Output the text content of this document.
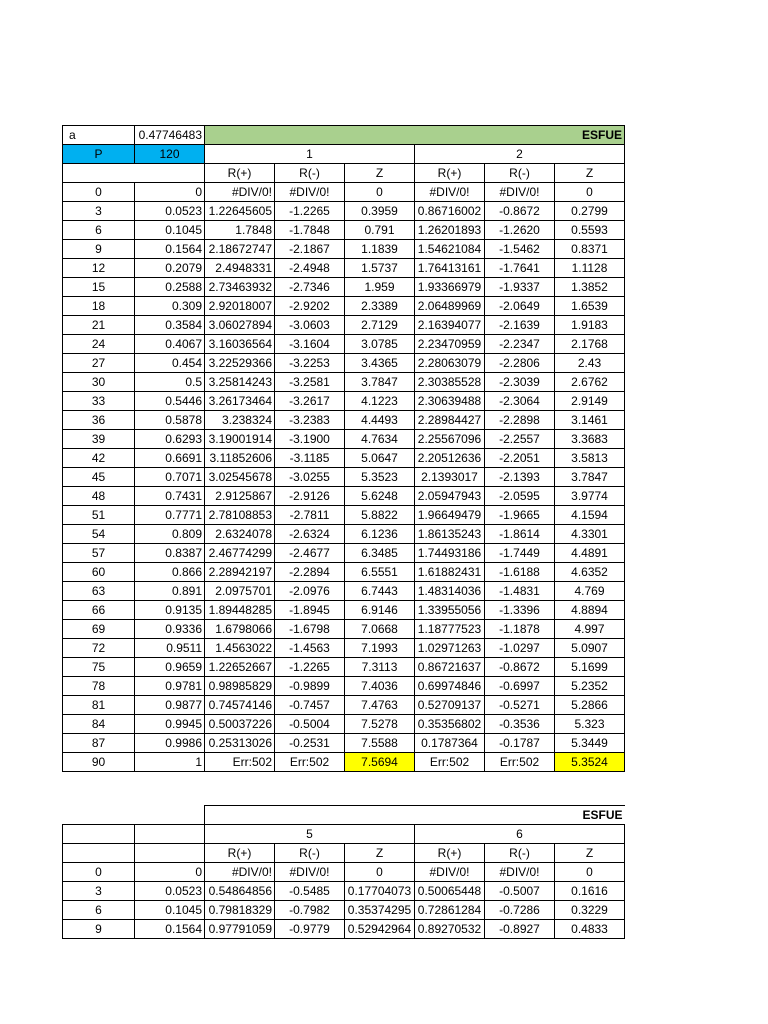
a	0.47746483	ESFUE					
P	120	1			2		
		R(+)	R(-)	Z	R(+)	R(-)	Z
0	0	#DIV/0!	#DIV/0!	0	#DIV/0!	#DIV/0!	0
3	0.0523	1.22645605	-1.2265	0.3959	0.86716002	-0.8672	0.2799
6	0.1045	1.7848	-1.7848	0.791	1.26201893	-1.2620	0.5593
9	0.1564	2.18672747	-2.1867	1.1839	1.54621084	-1.5462	0.8371
12	0.2079	2.4948331	-2.4948	1.5737	1.76413161	-1.7641	1.1128
15	0.2588	2.73463932	-2.7346	1.959	1.93366979	-1.9337	1.3852
18	0.309	2.92018007	-2.9202	2.3389	2.06489969	-2.0649	1.6539
21	0.3584	3.06027894	-3.0603	2.7129	2.16394077	-2.1639	1.9183
24	0.4067	3.16036564	-3.1604	3.0785	2.23470959	-2.2347	2.1768
27	0.454	3.22529366	-3.2253	3.4365	2.28063079	-2.2806	2.43
30	0.5	3.25814243	-3.2581	3.7847	2.30385528	-2.3039	2.6762
33	0.5446	3.26173464	-3.2617	4.1223	2.30639488	-2.3064	2.9149
36	0.5878	3.238324	-3.2383	4.4493	2.28984427	-2.2898	3.1461
39	0.6293	3.19001914	-3.1900	4.7634	2.25567096	-2.2557	3.3683
42	0.6691	3.11852606	-3.1185	5.0647	2.20512636	-2.2051	3.5813
45	0.7071	3.02545678	-3.0255	5.3523	2.1393017	-2.1393	3.7847
48	0.7431	2.9125867	-2.9126	5.6248	2.05947943	-2.0595	3.9774
51	0.7771	2.78108853	-2.7811	5.8822	1.96649479	-1.9665	4.1594
54	0.809	2.6324078	-2.6324	6.1236	1.86135243	-1.8614	4.3301
57	0.8387	2.46774299	-2.4677	6.3485	1.74493186	-1.7449	4.4891
60	0.866	2.28942197	-2.2894	6.5551	1.61882431	-1.6188	4.6352
63	0.891	2.0975701	-2.0976	6.7443	1.48314036	-1.4831	4.769
66	0.9135	1.89448285	-1.8945	6.9146	1.33955056	-1.3396	4.8894
69	0.9336	1.6798066	-1.6798	7.0668	1.18777523	-1.1878	4.997
72	0.9511	1.4563022	-1.4563	7.1993	1.02971263	-1.0297	5.0907
75	0.9659	1.22652667	-1.2265	7.3113	0.86721637	-0.8672	5.1699
78	0.9781	0.98985829	-0.9899	7.4036	0.69974846	-0.6997	5.2352
81	0.9877	0.74574146	-0.7457	7.4763	0.52709137	-0.5271	5.2866
84	0.9945	0.50037226	-0.5004	7.5278	0.35356802	-0.3536	5.323
87	0.9986	0.25313026	-0.2531	7.5588	0.1787364	-0.1787	5.3449
90	1	Err:502	Err:502	7.5694	Err:502	Err:502	5.3524
		ESFUE					
		5			6		
		R(+)	R(-)	Z	R(+)	R(-)	Z
0	0	#DIV/0!	#DIV/0!	0	#DIV/0!	#DIV/0!	0
3	0.0523	0.54864856	-0.5485	0.17704073	0.50065448	-0.5007	0.1616
6	0.1045	0.79818329	-0.7982	0.35374295	0.72861284	-0.7286	0.3229
9	0.1564	0.97791059	-0.9779	0.52942964	0.89270532	-0.8927	0.4833
